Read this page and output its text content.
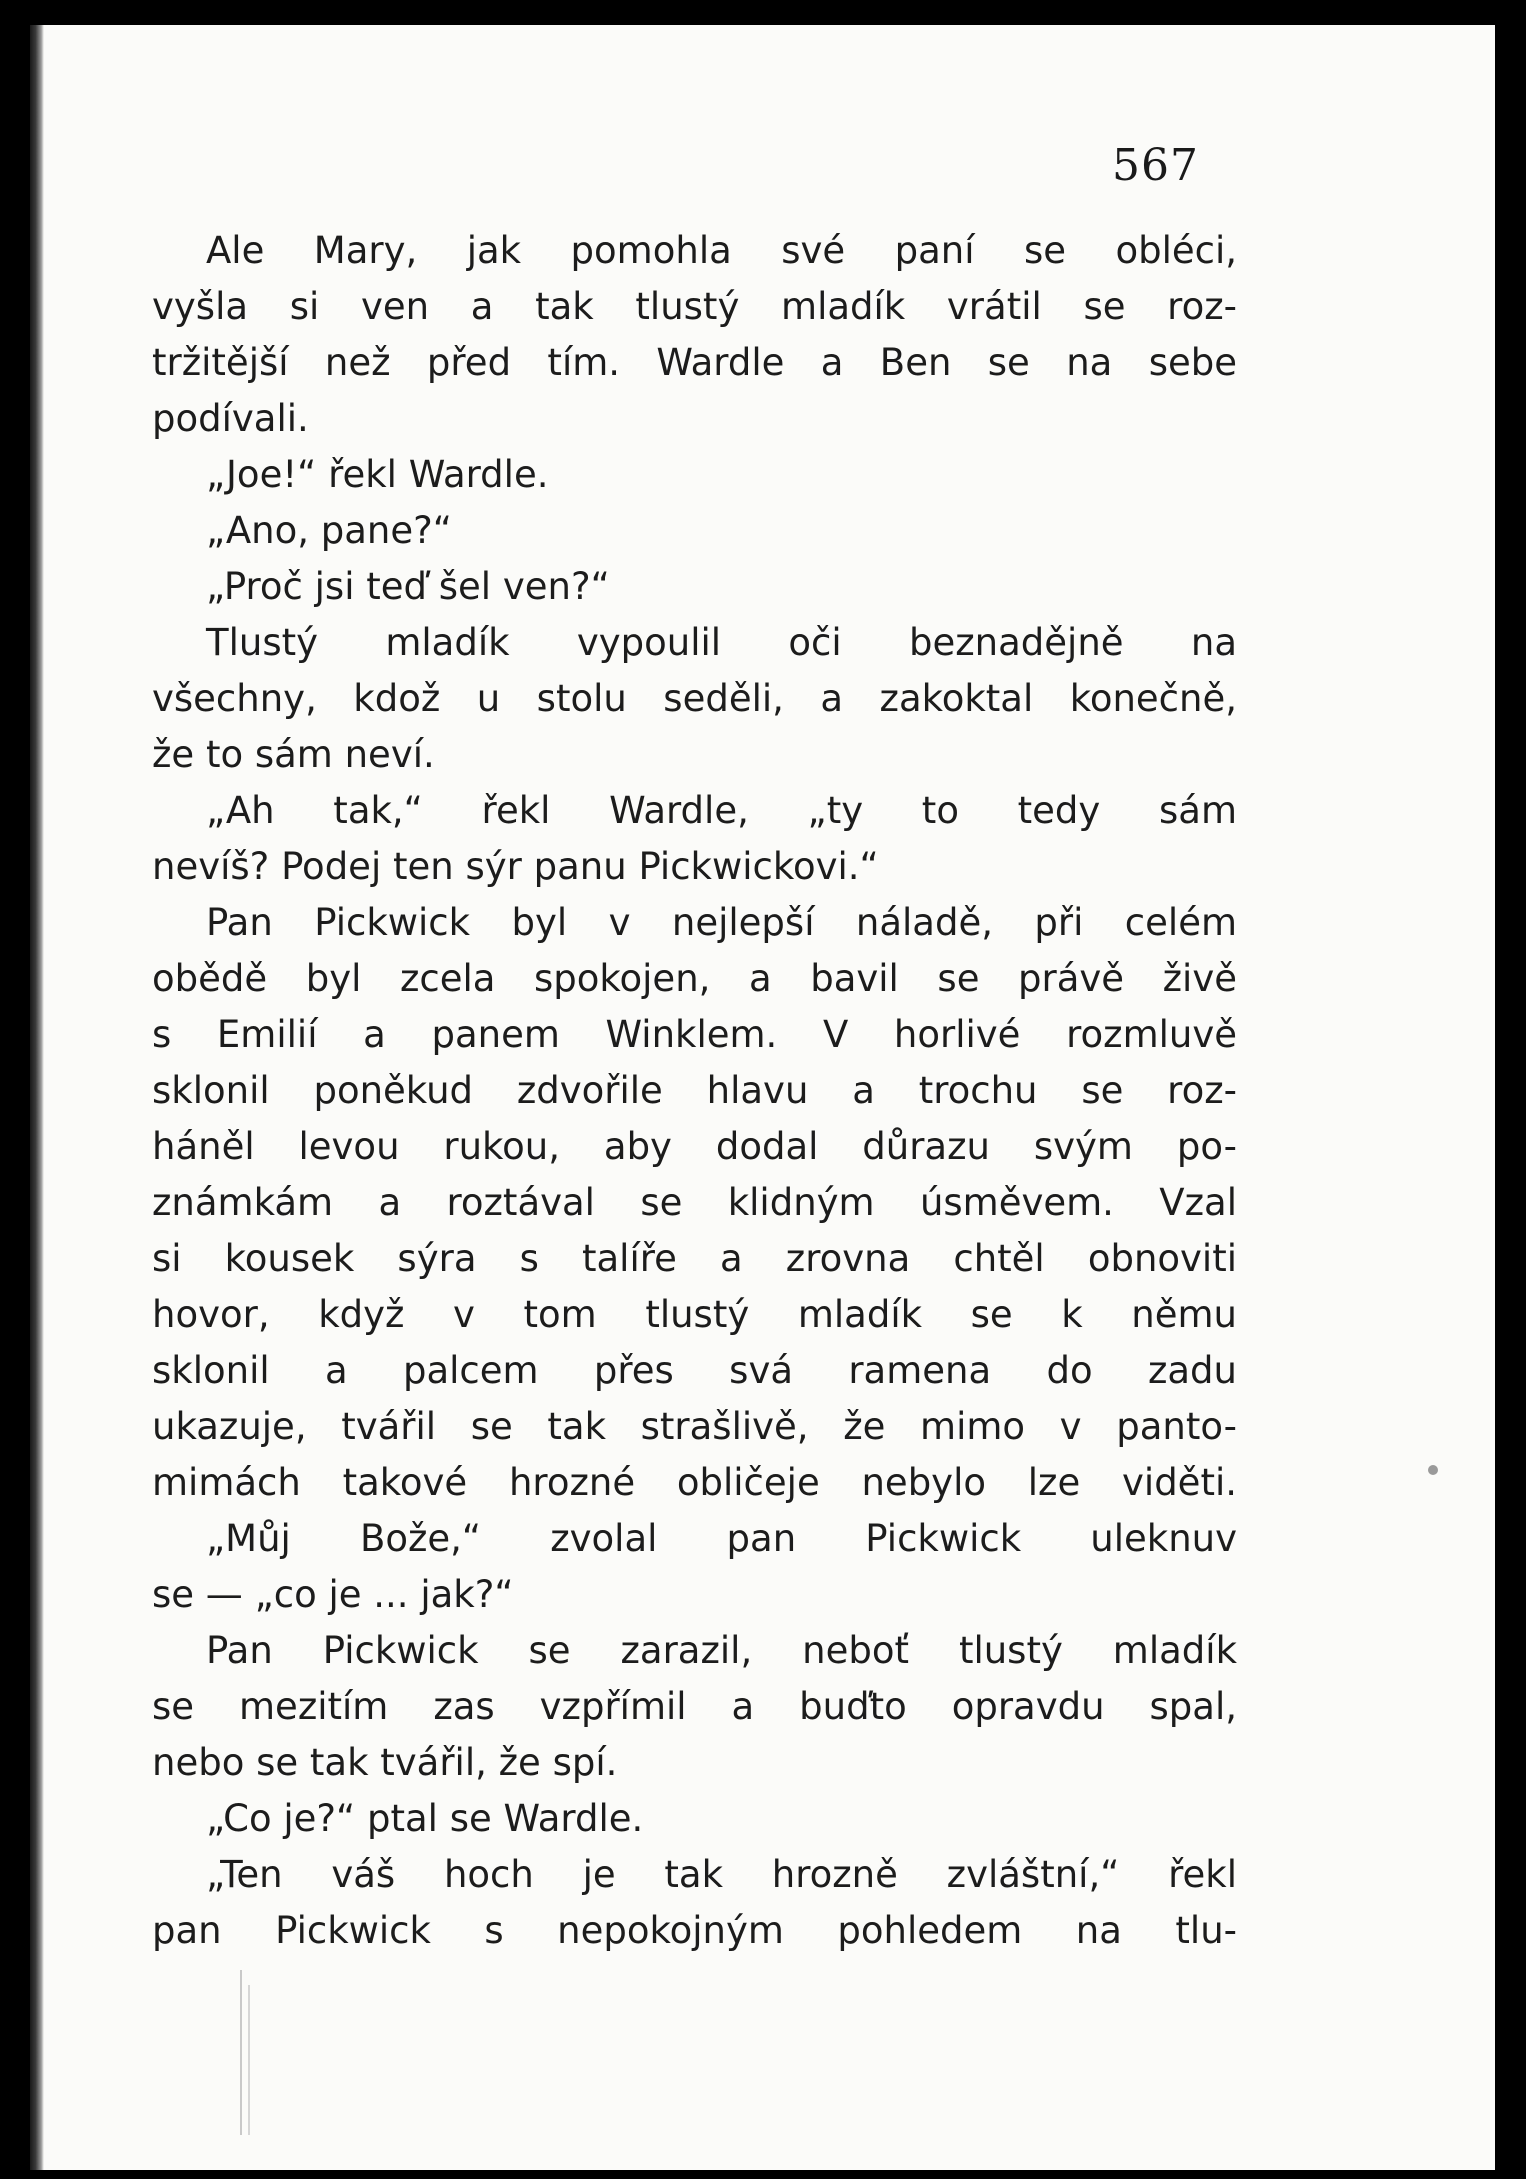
567
Ale Mary, jak pomohla své paní se obléci,
vyšla si ven a tak tlustý mladík vrátil se roz-
tržitější než před tím. Wardle a Ben se na sebe
podívali.
„Joe!“ řekl Wardle.
„Ano, pane?“
„Proč jsi teď šel ven?“
Tlustý mladík vypoulil oči beznadějně na
všechny, kdož u stolu seděli, a zakoktal konečně,
že to sám neví.
„Ah tak,“ řekl Wardle, „ty to tedy sám
nevíš? Podej ten sýr panu Pickwickovi.“
Pan Pickwick byl v nejlepší náladě, při celém
obědě byl zcela spokojen, a bavil se právě živě
s Emilií a panem Winklem. V horlivé rozmluvě
sklonil poněkud zdvořile hlavu a trochu se roz-
háněl levou rukou, aby dodal důrazu svým po-
známkám a roztával se klidným úsměvem. Vzal
si kousek sýra s talíře a zrovna chtěl obnoviti
hovor, když v tom tlustý mladík se k němu
sklonil a palcem přes svá ramena do zadu
ukazuje, tvářil se tak strašlivě, že mimo v panto-
mimách takové hrozné obličeje nebylo lze viděti.
„Můj Bože,“ zvolal pan Pickwick uleknuv
se — „co je ... jak?“
Pan Pickwick se zarazil, neboť tlustý mladík
se mezitím zas vzpřímil a buďto opravdu spal,
nebo se tak tvářil, že spí.
„Co je?“ ptal se Wardle.
„Ten váš hoch je tak hrozně zvláštní,“ řekl
pan Pickwick s nepokojným pohledem na tlu-
